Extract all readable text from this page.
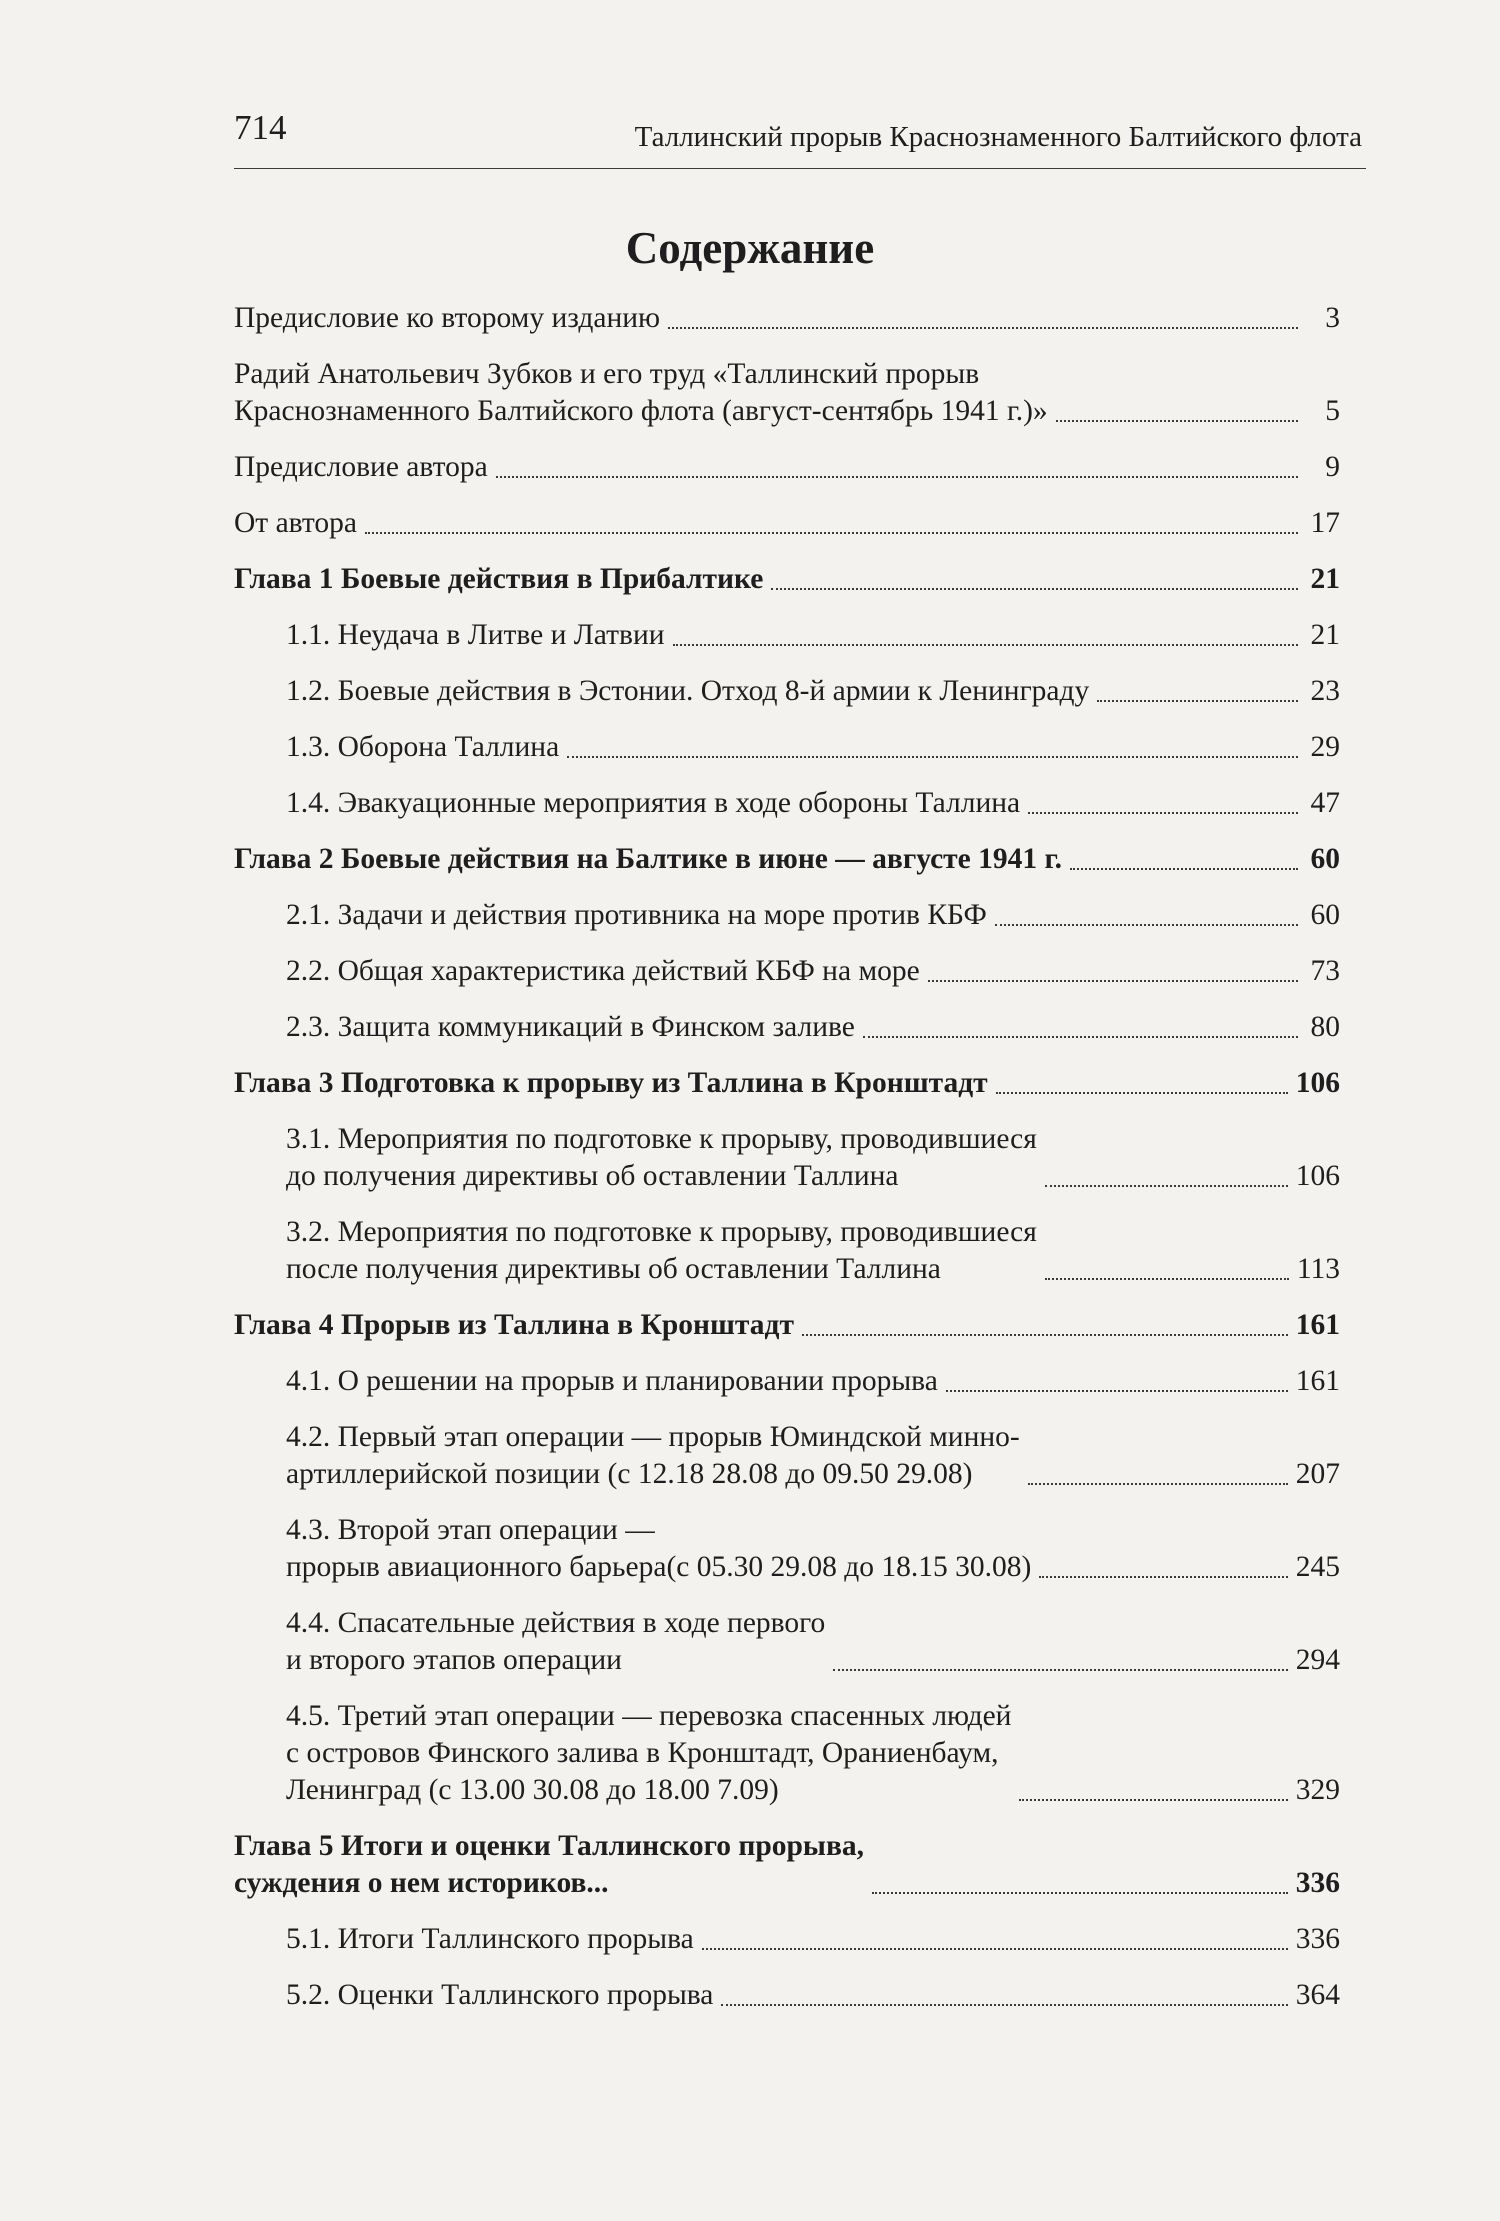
714	Таллинский прорыв Краснознаменного Балтийского флота
Содержание
Предисловие ко второму изданию	3
Радий Анатольевич Зубков и его труд «Таллинский прорыв
Краснознаменного Балтийского флота (август-сентябрь 1941 г.)»	5
Предисловие автора	9
От автора	17
Глава 1 Боевые действия в Прибалтике	21
1.1. Неудача в Литве и Латвии	21
1.2. Боевые действия в Эстонии. Отход 8-й армии к Ленинграду	23
1.3. Оборона Таллина	29
1.4. Эвакуационные мероприятия в ходе обороны Таллина	47
Глава 2 Боевые действия на Балтике в июне — августе 1941 г.	60
2.1. Задачи и действия противника на море против КБФ	60
2.2. Общая характеристика действий КБФ на море	73
2.3. Защита коммуникаций в Финском заливе	80
Глава 3 Подготовка к прорыву из Таллина в Кронштадт	106
3.1. Мероприятия по подготовке к прорыву, проводившиеся
до получения директивы об оставлении Таллина	106
3.2. Мероприятия по подготовке к прорыву, проводившиеся
после получения директивы об оставлении Таллина	113
Глава 4 Прорыв из Таллина в Кронштадт	161
4.1. О решении на прорыв и планировании прорыва	161
4.2. Первый этап операции — прорыв Юминдской минно-
артиллерийской позиции (с 12.18 28.08 до 09.50 29.08)	207
4.3. Второй этап операции —
прорыв авиационного барьера(с 05.30 29.08 до 18.15 30.08)	245
4.4. Спасательные действия в ходе первого
и второго этапов операции	294
4.5. Третий этап операции — перевозка спасенных людей
с островов Финского залива в Кронштадт, Ораниенбаум,
Ленинград (с 13.00 30.08 до 18.00 7.09)	329
Глава 5 Итоги и оценки Таллинского прорыва,
суждения о нем историков...	336
5.1. Итоги Таллинского прорыва	336
5.2. Оценки Таллинского прорыва	364
